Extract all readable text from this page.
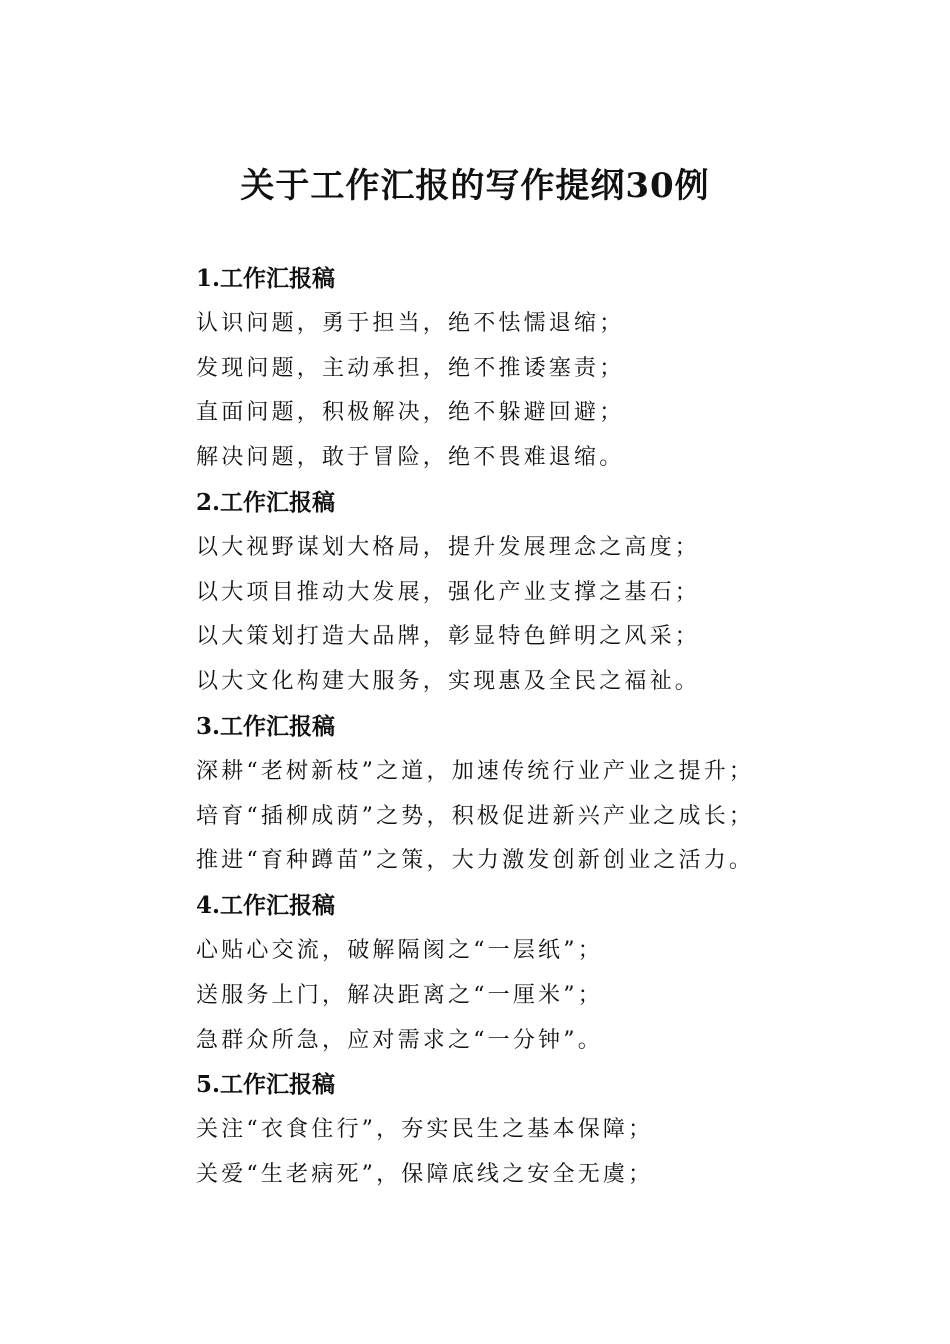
关于工作汇报的写作提纲30例

1.工作汇报稿

认识问题，勇于担当，绝不怯懦退缩；

发现问题，主动承担，绝不推诿塞责；

直面问题，积极解决，绝不躲避回避；

解决问题，敢于冒险，绝不畏难退缩。

2.工作汇报稿

以大视野谋划大格局，提升发展理念之高度；

以大项目推动大发展，强化产业支撑之基石；

以大策划打造大品牌，彰显特色鲜明之风采；

以大文化构建大服务，实现惠及全民之福祉。

3.工作汇报稿

深耕“老树新枝”之道，加速传统行业产业之提升；

培育“插柳成荫”之势，积极促进新兴产业之成长；

推进“育种蹲苗”之策，大力激发创新创业之活力。

4.工作汇报稿

心贴心交流，破解隔阂之“一层纸”；

送服务上门，解决距离之“一厘米”；

急群众所急，应对需求之“一分钟”。

5.工作汇报稿

关注“衣食住行”，夯实民生之基本保障；

关爱“生老病死”，保障底线之安全无虞；
